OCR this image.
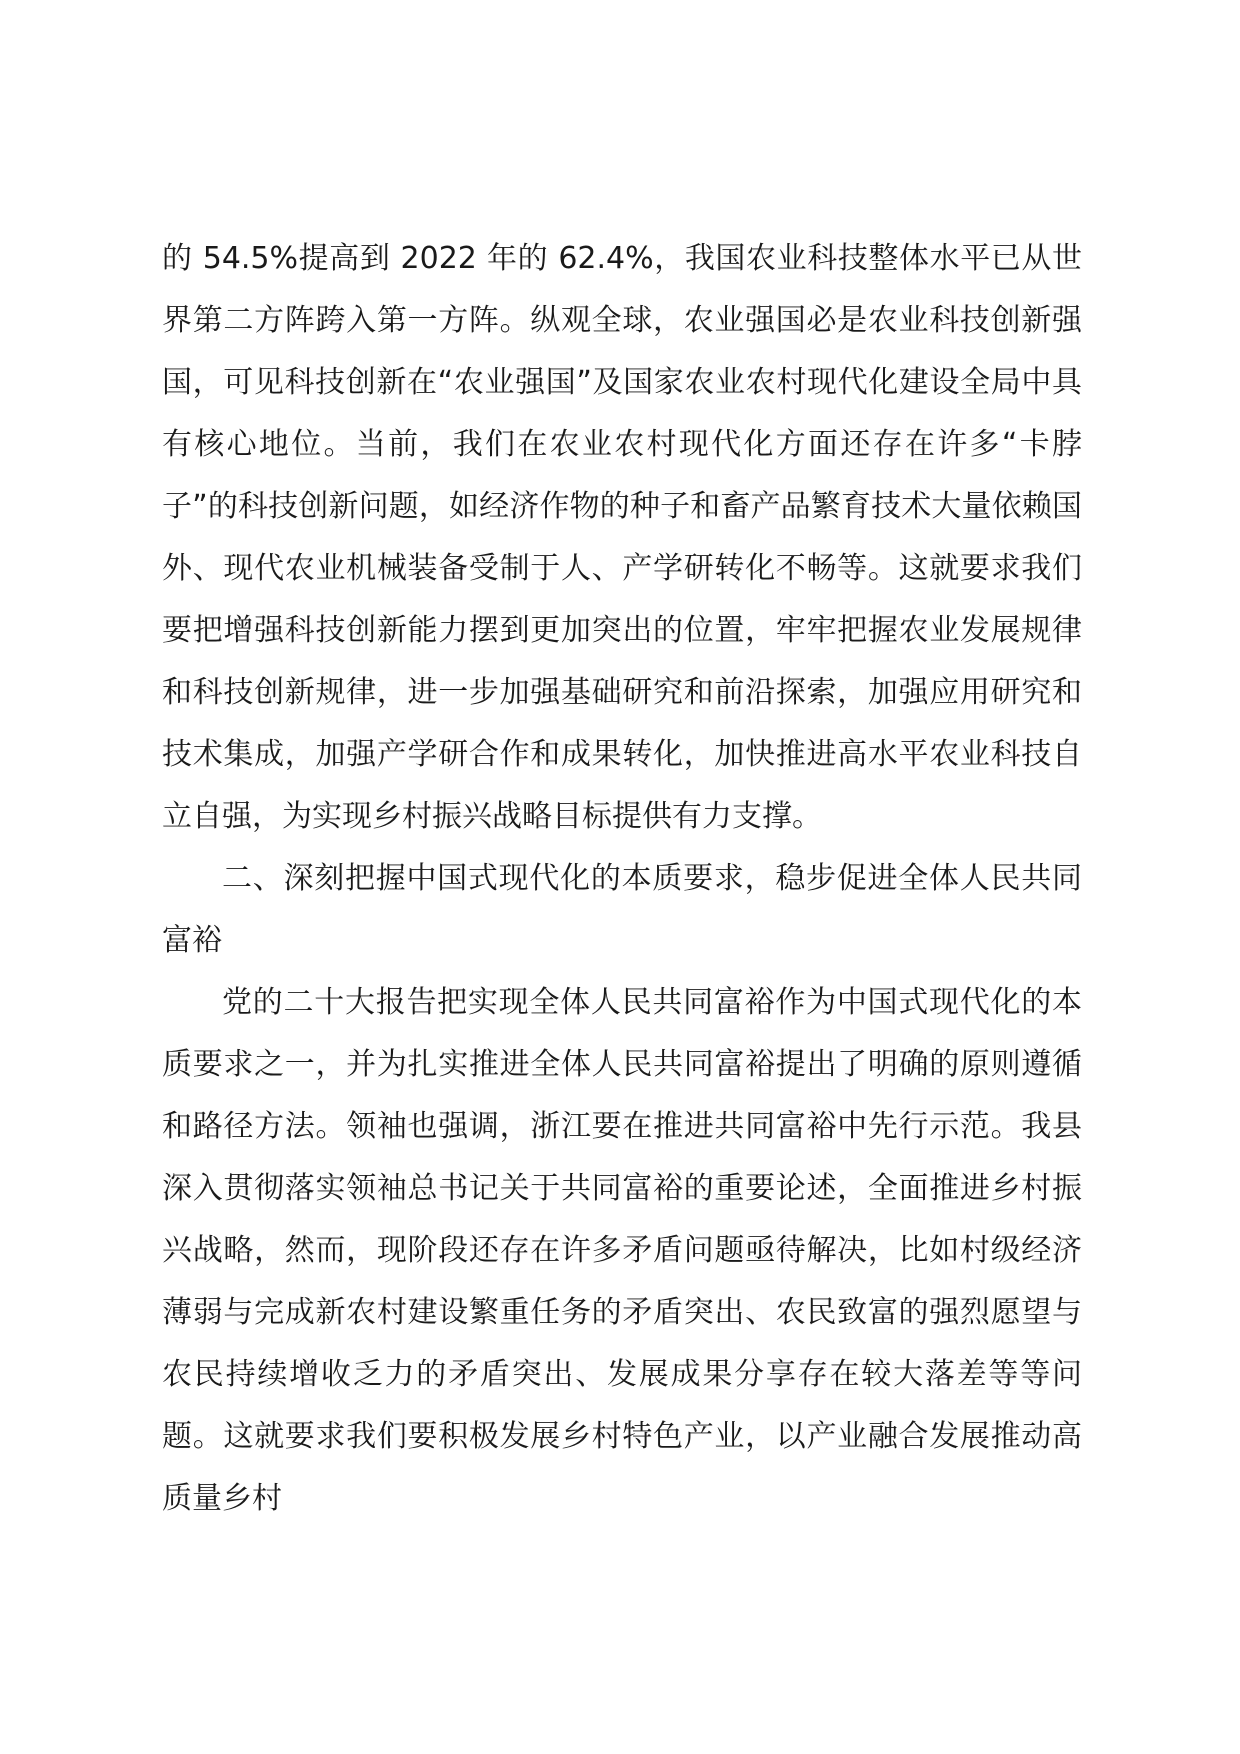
的 54.5%提高到 2022 年的 62.4%，我国农业科技整体水平已从世界第二方阵跨入第一方阵。纵观全球，农业强国必是农业科技创新强国，可见科技创新在“农业强国”及国家农业农村现代化建设全局中具有核心地位。当前，我们在农业农村现代化方面还存在许多“卡脖子”的科技创新问题，如经济作物的种子和畜产品繁育技术大量依赖国外、现代农业机械装备受制于人、产学研转化不畅等。这就要求我们要把增强科技创新能力摆到更加突出的位置，牢牢把握农业发展规律和科技创新规律，进一步加强基础研究和前沿探索，加强应用研究和技术集成，加强产学研合作和成果转化，加快推进高水平农业科技自立自强，为实现乡村振兴战略目标提供有力支撑。

二、深刻把握中国式现代化的本质要求，稳步促进全体人民共同富裕

党的二十大报告把实现全体人民共同富裕作为中国式现代化的本质要求之一，并为扎实推进全体人民共同富裕提出了明确的原则遵循和路径方法。领袖也强调，浙江要在推进共同富裕中先行示范。我县深入贯彻落实领袖总书记关于共同富裕的重要论述，全面推进乡村振兴战略，然而，现阶段还存在许多矛盾问题亟待解决，比如村级经济薄弱与完成新农村建设繁重任务的矛盾突出、农民致富的强烈愿望与农民持续增收乏力的矛盾突出、发展成果分享存在较大落差等等问题。这就要求我们要积极发展乡村特色产业，以产业融合发展推动高质量乡村
